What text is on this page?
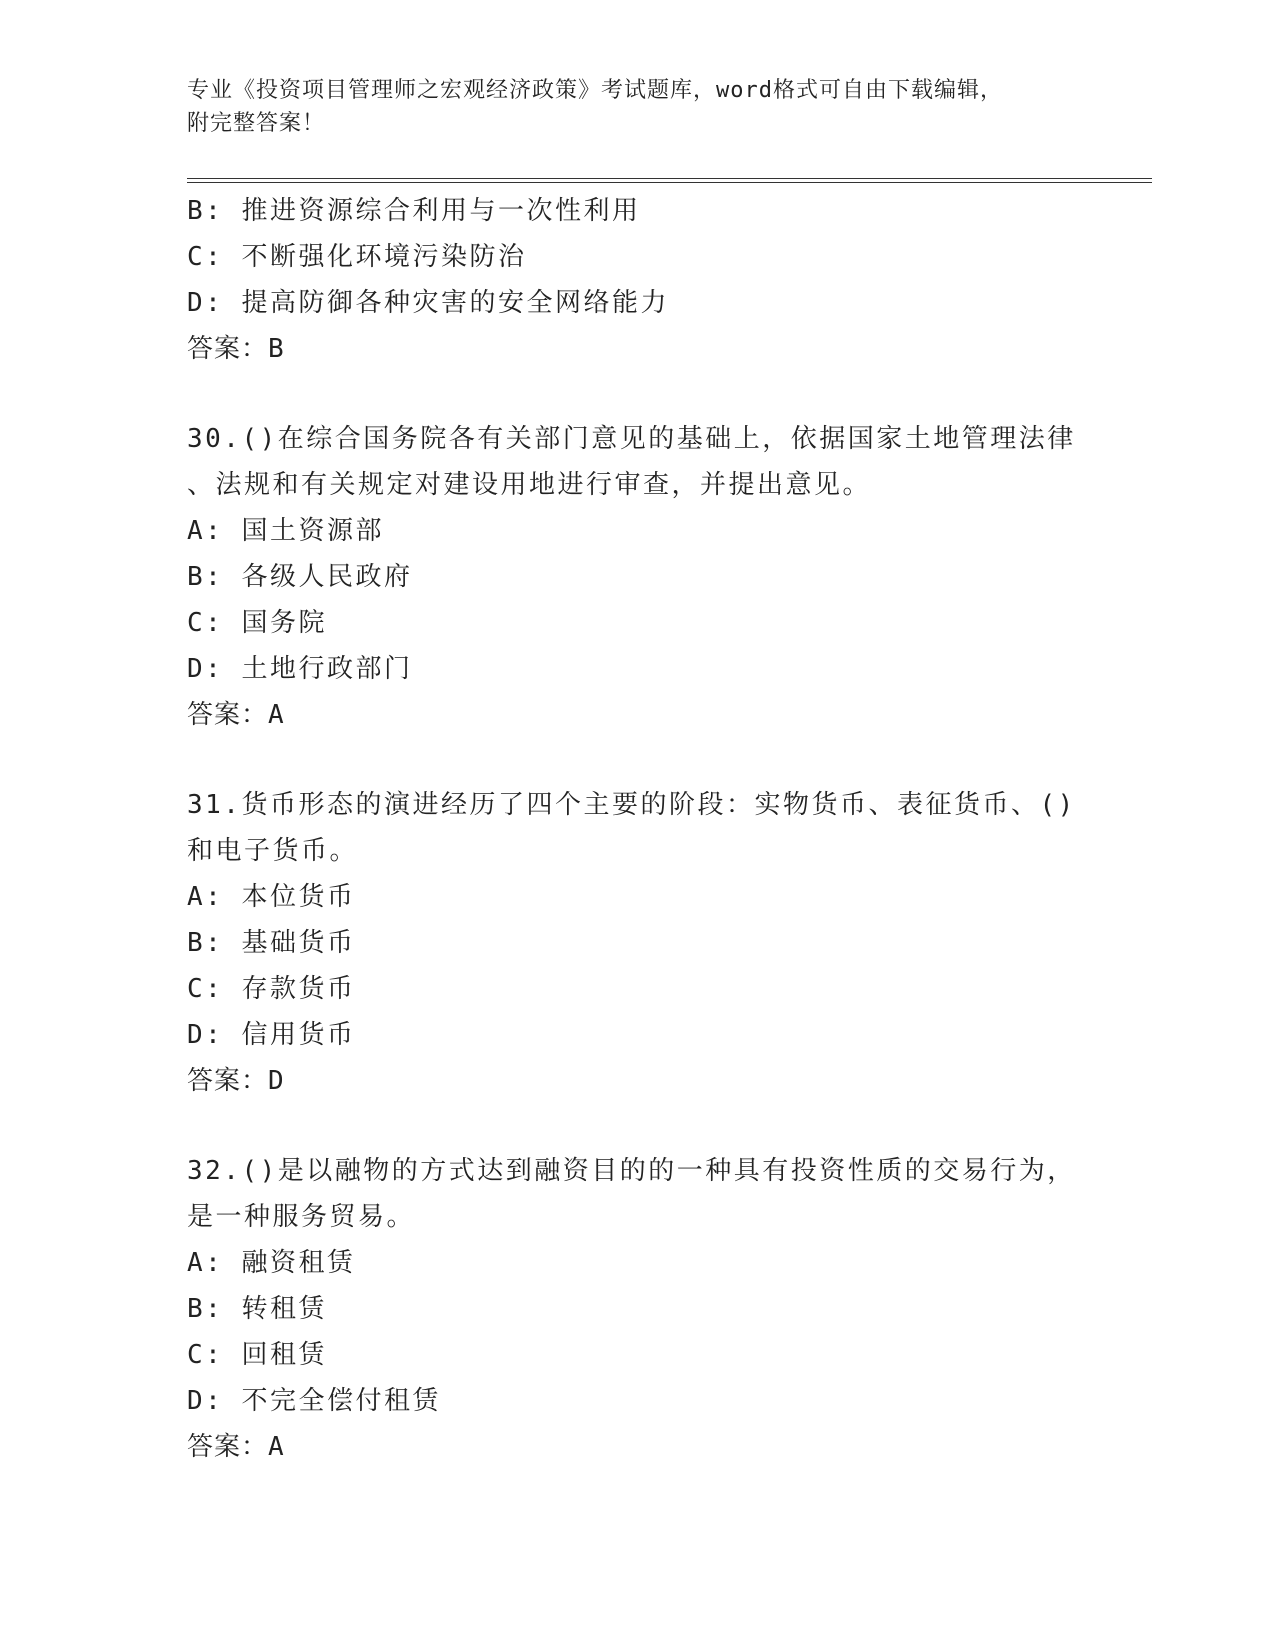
专业《投资项目管理师之宏观经济政策》考试题库，word格式可自由下载编辑，
附完整答案！
B: 推进资源综合利用与一次性利用
C: 不断强化环境污染防治
D: 提高防御各种灾害的安全网络能力
答案：B
30.()在综合国务院各有关部门意见的基础上，依据国家土地管理法律
、法规和有关规定对建设用地进行审查，并提出意见。
A: 国土资源部
B: 各级人民政府
C: 国务院
D: 土地行政部门
答案：A
31.货币形态的演进经历了四个主要的阶段：实物货币、表征货币、()
和电子货币。
A: 本位货币
B: 基础货币
C: 存款货币
D: 信用货币
答案：D
32.()是以融物的方式达到融资目的的一种具有投资性质的交易行为，
是一种服务贸易。
A: 融资租赁
B: 转租赁
C: 回租赁
D: 不完全偿付租赁
答案：A
